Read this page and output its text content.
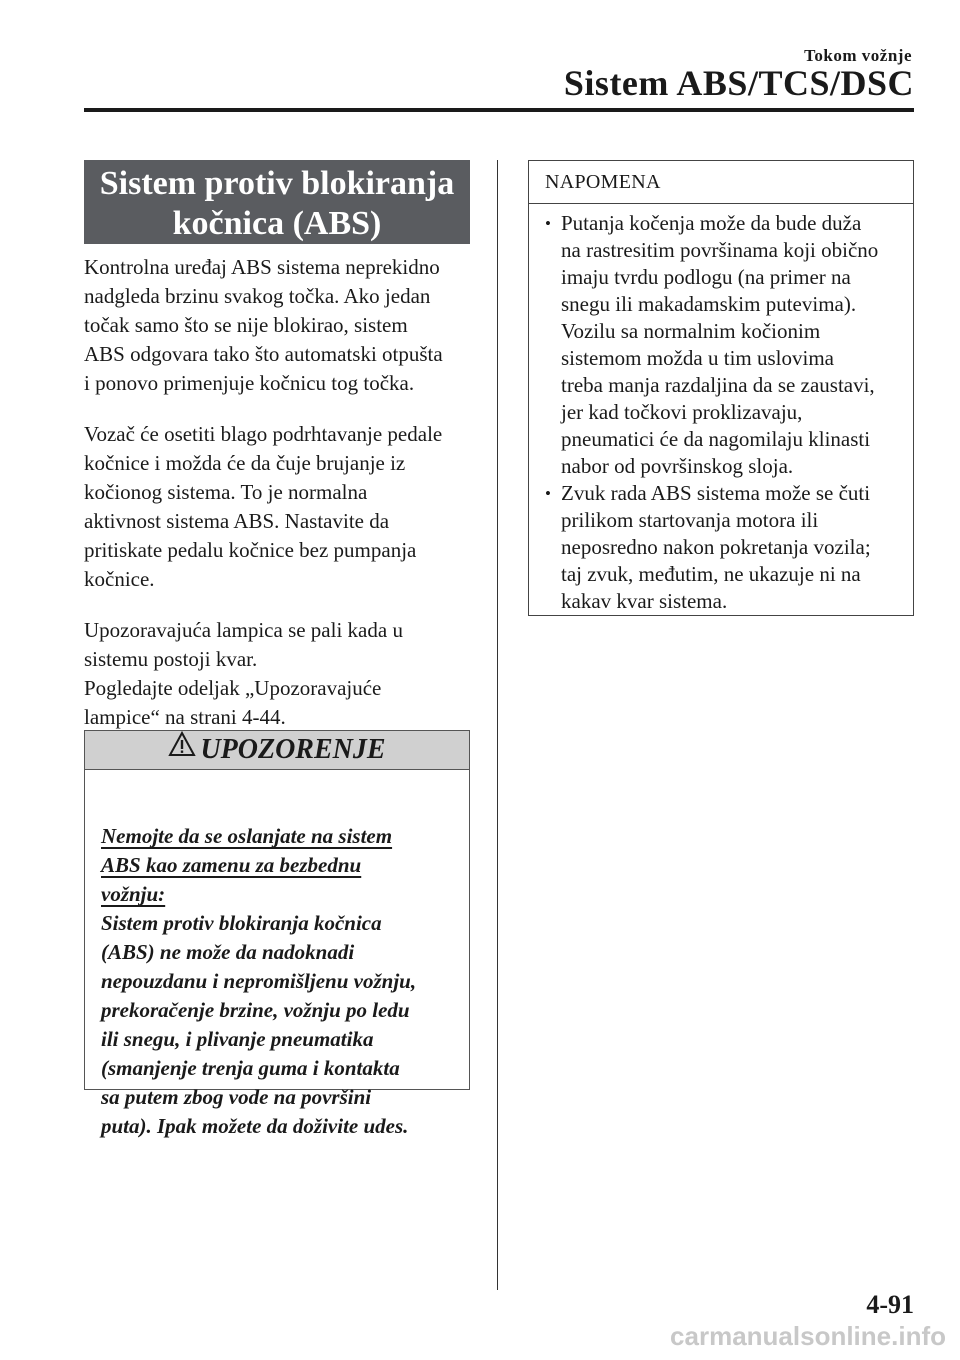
Tokom vožnje
Sistem ABS/TCS/DSC
Sistem protiv blokiranja
kočnica (ABS)

Kontrolna uređaj ABS sistema neprekidno
nadgleda brzinu svakog točka. Ako jedan
točak samo što se nije blokirao, sistem
ABS odgovara tako što automatski otpušta
i ponovo primenjuje kočnicu tog točka.

Vozač će osetiti blago podrhtavanje pedale
kočnice i možda će da čuje brujanje iz
kočionog sistema. To je normalna
aktivnost sistema ABS. Nastavite da
pritiskate pedalu kočnice bez pumpanja
kočnice.

Upozoravajuća lampica se pali kada u
sistemu postoji kvar.
Pogledajte odeljak „Upozoravajuće
lampice“ na strani 4-44.

UPOZORENJE
Nemojte da se oslanjate na sistem
ABS kao zamenu za bezbednu
vožnju:
Sistem protiv blokiranja kočnica
(ABS) ne može da nadoknadi
nepouzdanu i nepromišljenu vožnju,
prekoračenje brzine, vožnju po ledu
ili snegu, i plivanje pneumatika
(smanjenje trenja guma i kontakta
sa putem zbog vode na površini
puta). Ipak možete da doživite udes.
NAPOMENA
• Putanja kočenja može da bude duža
na rastresitim površinama koji obično
imaju tvrdu podlogu (na primer na
snegu ili makadamskim putevima).
Vozilu sa normalnim kočionim
sistemom možda u tim uslovima
treba manja razdaljina da se zaustavi,
jer kad točkovi proklizavaju,
pneumatici će da nagomilaju klinasti
nabor od površinskog sloja.
• Zvuk rada ABS sistema može se čuti
prilikom startovanja motora ili
neposredno nakon pokretanja vozila;
taj zvuk, međutim, ne ukazuje ni na
kakav kvar sistema.
4-91
carmanualsonline.info
